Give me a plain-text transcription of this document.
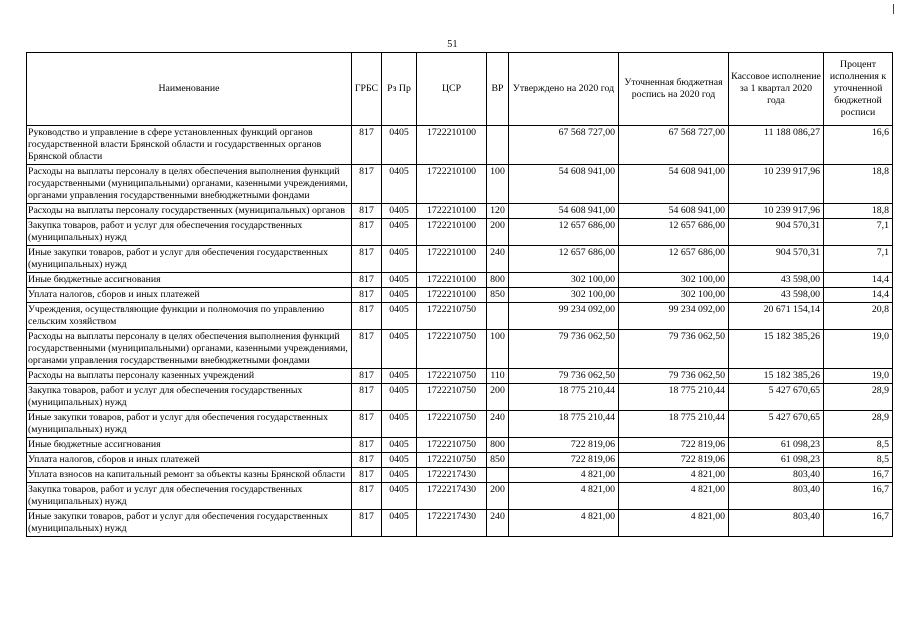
51
Наименование	ГРБС	Рз Пр	ЦСР	ВР	Утверждено на 2020 год	Уточненная бюджетная роспись на 2020 год	Кассовое исполнение за 1 квартал 2020 года	Процент исполнения к уточненной бюджетной росписи
Руководство и управление в сфере установленных функций органов государственной власти Брянской области и государственных органов Брянской области	817	0405	1722210100		67 568 727,00	67 568 727,00	11 188 086,27	16,6
Расходы на выплаты персоналу в целях обеспечения выполнения функций государственными (муниципальными) органами, казенными учреждениями, органами управления государственными внебюджетными фондами	817	0405	1722210100	100	54 608 941,00	54 608 941,00	10 239 917,96	18,8
Расходы на выплаты персоналу государственных (муниципальных) органов	817	0405	1722210100	120	54 608 941,00	54 608 941,00	10 239 917,96	18,8
Закупка товаров, работ и услуг для обеспечения государственных (муниципальных) нужд	817	0405	1722210100	200	12 657 686,00	12 657 686,00	904 570,31	7,1
Иные закупки товаров, работ и услуг для обеспечения государственных (муниципальных) нужд	817	0405	1722210100	240	12 657 686,00	12 657 686,00	904 570,31	7,1
Иные бюджетные ассигнования	817	0405	1722210100	800	302 100,00	302 100,00	43 598,00	14,4
Уплата налогов, сборов и иных платежей	817	0405	1722210100	850	302 100,00	302 100,00	43 598,00	14,4
Учреждения, осуществляющие функции и полномочия по управлению сельским хозяйством	817	0405	1722210750		99 234 092,00	99 234 092,00	20 671 154,14	20,8
Расходы на выплаты персоналу в целях обеспечения выполнения функций государственными (муниципальными) органами, казенными учреждениями, органами управления государственными внебюджетными фондами	817	0405	1722210750	100	79 736 062,50	79 736 062,50	15 182 385,26	19,0
Расходы на выплаты персоналу казенных учреждений	817	0405	1722210750	110	79 736 062,50	79 736 062,50	15 182 385,26	19,0
Закупка товаров, работ и услуг для обеспечения государственных (муниципальных) нужд	817	0405	1722210750	200	18 775 210,44	18 775 210,44	5 427 670,65	28,9
Иные закупки товаров, работ и услуг для обеспечения государственных (муниципальных) нужд	817	0405	1722210750	240	18 775 210,44	18 775 210,44	5 427 670,65	28,9
Иные бюджетные ассигнования	817	0405	1722210750	800	722 819,06	722 819,06	61 098,23	8,5
Уплата налогов, сборов и иных платежей	817	0405	1722210750	850	722 819,06	722 819,06	61 098,23	8,5
Уплата взносов на капитальный ремонт за объекты казны Брянской области	817	0405	1722217430		4 821,00	4 821,00	803,40	16,7
Закупка товаров, работ и услуг для обеспечения государственных (муниципальных) нужд	817	0405	1722217430	200	4 821,00	4 821,00	803,40	16,7
Иные закупки товаров, работ и услуг для обеспечения государственных (муниципальных) нужд	817	0405	1722217430	240	4 821,00	4 821,00	803,40	16,7
